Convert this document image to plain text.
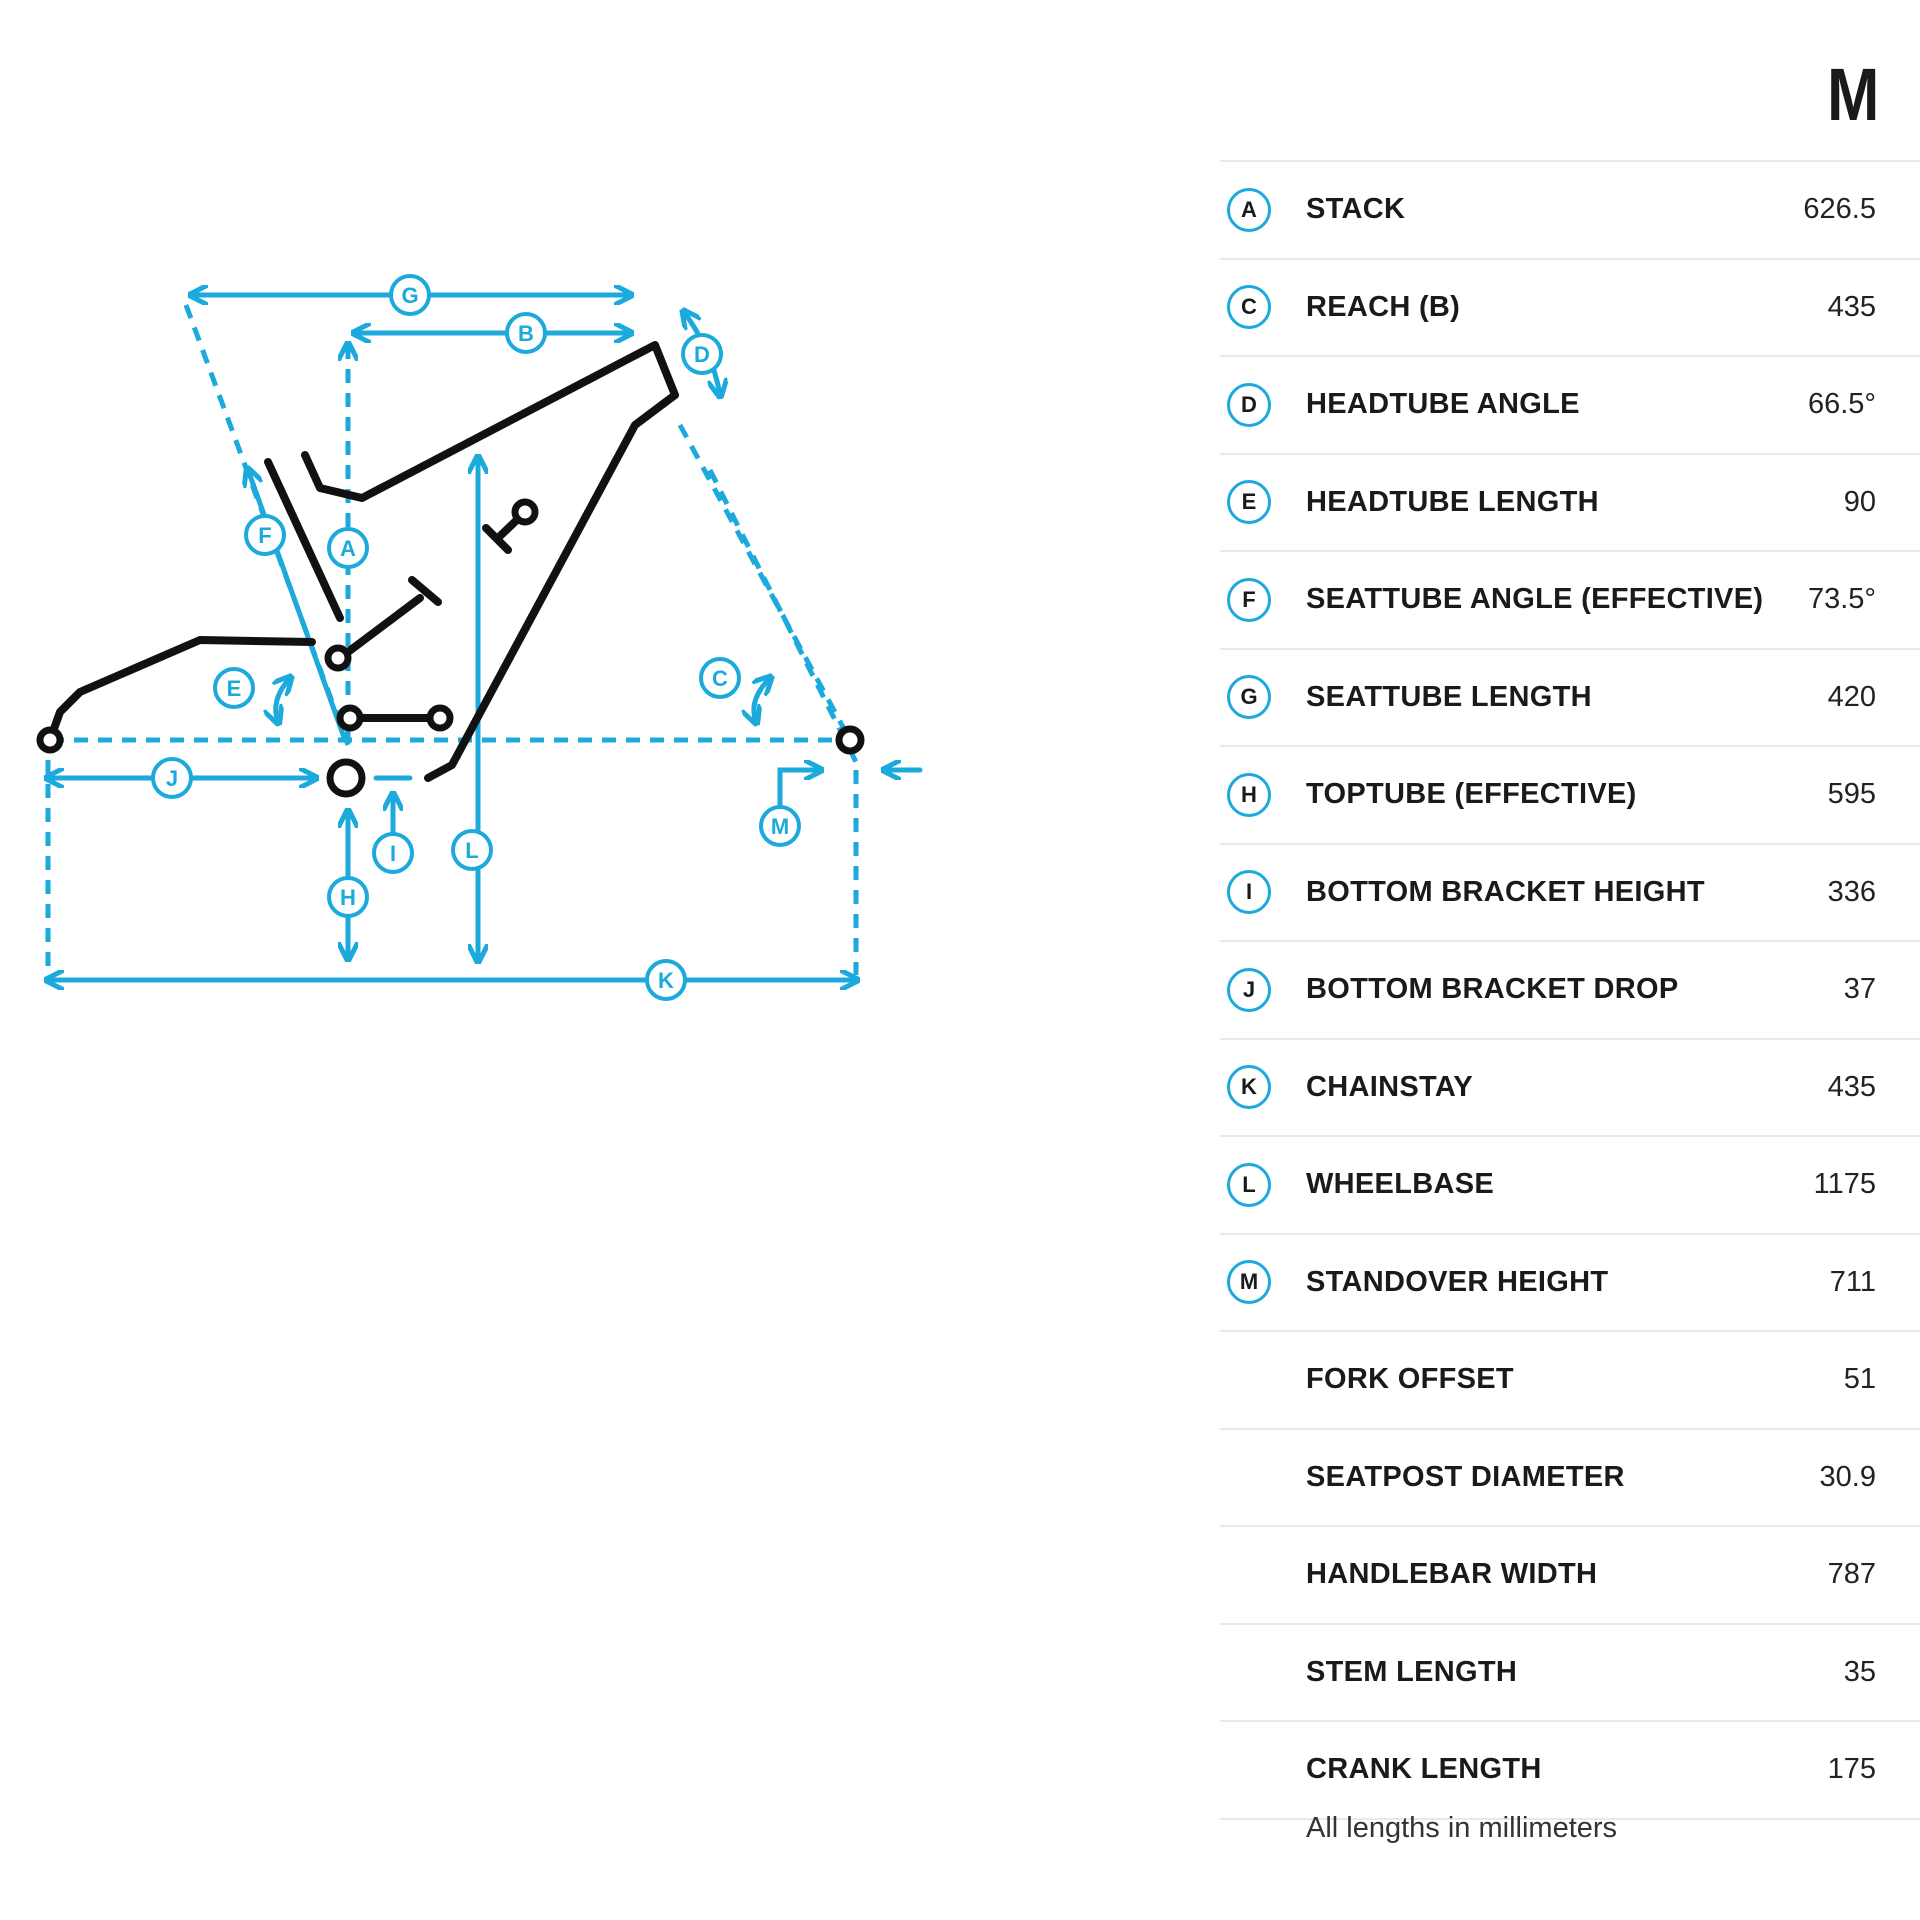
G
B
D
F
A
E	C
J
M
I	L
H
K
M
A	STACK	626.5
C	REACH (B)	435
D	HEADTUBE ANGLE	66.5°
E	HEADTUBE LENGTH	90
F	SEATTUBE ANGLE (EFFECTIVE)	73.5°
G	SEATTUBE LENGTH	420
H	TOPTUBE (EFFECTIVE)	595
I	BOTTOM BRACKET HEIGHT	336
J	BOTTOM BRACKET DROP	37
K	CHAINSTAY	435
L	WHEELBASE	1175
M	STANDOVER HEIGHT	711
FORK OFFSET	51
SEATPOST DIAMETER	30.9
HANDLEBAR WIDTH	787
STEM LENGTH	35
CRANK LENGTH	175
All lengths in millimeters
